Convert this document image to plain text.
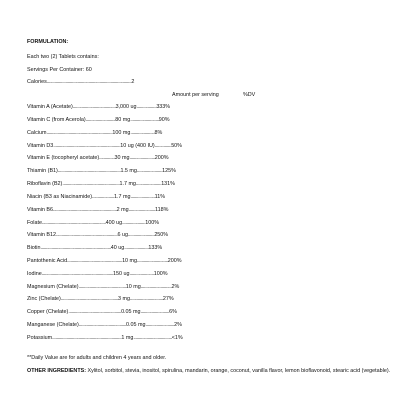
FORMULATION:
Each two (2) Tablets contains:
Servings Per Container: 60
Calories.............................................................................2
Amount per serving	%DV
Vitamin A (Acetate).......................................3,000 ug..................333%
Vitamin C (from Acerola)...........................80 mg..........................90%
Calcium............................................................100 mg......................8%
Vitamin D3.............................................................10 ug (400 IU)...............50%
Vitamin E (tocopheryl acetate)..............30 mg.......................200%
Thiamin (B1).........................................................1.5 mg.......................125%
Riboflavin (B2)....................................................1.7 mg.......................131%
Niacin (B3 as Niacinamide)....................1.7 mg......................11%
Vitamin B6..........................................................2 mg........................118%
Folate..........................................................400 ug.....................100%
Vitamin B12........................................................6 ug........................250%
Biotin................................................................40 ug......................133%
Pantothenic Acid..................................................10 mg............................200%
Iodine.................................................................150 ug......................100%
Magnesium (Chelate)...........................................10 mg............................2%
Zinc (Chelate)....................................................3 mg..............................27%
Copper (Chelate)................................................0.05 mg..........................6%
Manganese (Chelate)...........................................0.05 mg..........................2%
Potassium...............................................................1 mg...................................<1%
**Daily Value are for adults and children 4 years and older.
OTHER INGREDIENTS: Xylitol, sorbitol, stevia, inositol, spirulina, mandarin, orange, coconut, vanilla flavor, lemon bioflavonoid, stearic acid (vegetable).
